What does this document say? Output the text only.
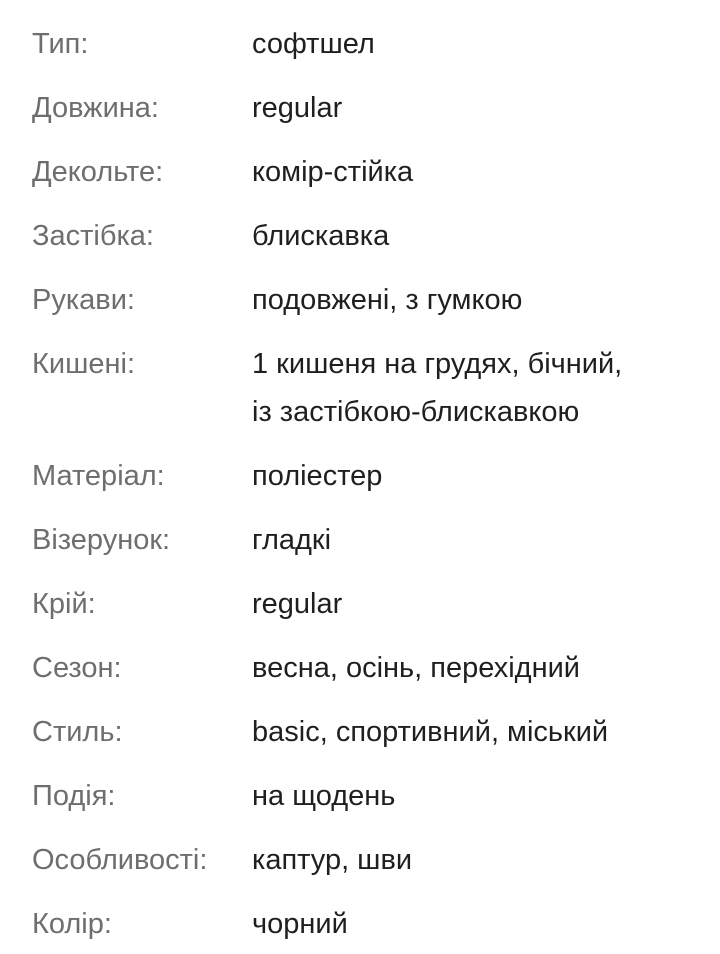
Тип:	софтшел
Довжина:	regular
Декольте:	комір-стійка
Застібка:	блискавка
Рукави:	подовжені, з гумкою
Кишені:	1 кишеня на грудях, бічний,
із застібкою-блискавкою
Матеріал:	поліестер
Візерунок:	гладкі
Крій:	regular
Сезон:	весна, осінь, перехідний
Стиль:	basic, спортивний, міський
Подія:	на щодень
Особливості:	каптур, шви
Колір:	чорний
